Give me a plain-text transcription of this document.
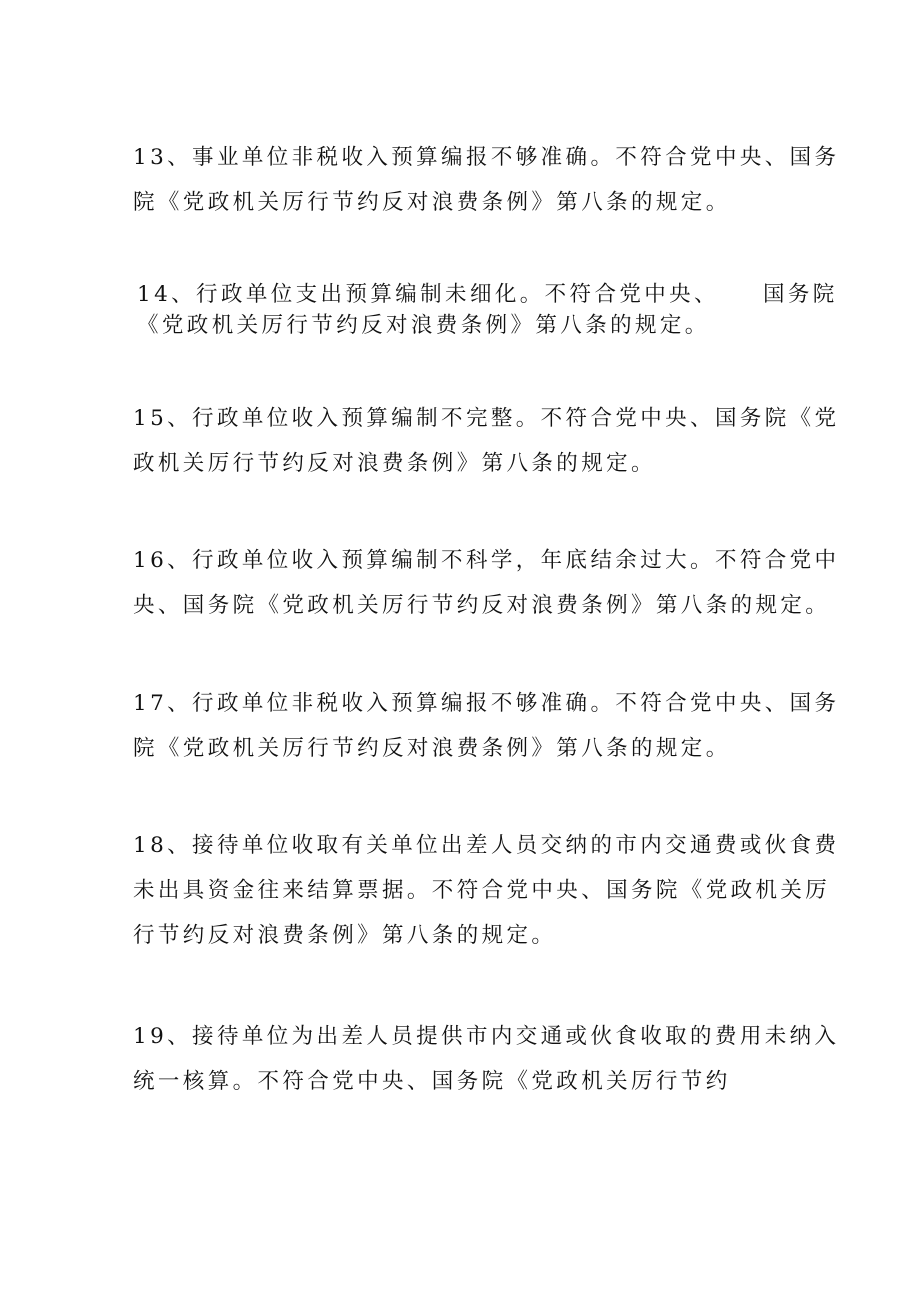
13、事业单位非税收入预算编报不够准确。不符合党中央、国务
院《党政机关厉行节约反对浪费条例》第八条的规定。
14、行政单位支出预算编制未细化。不符合党中央、 国务院
《党政机关厉行节约反对浪费条例》第八条的规定。
15、行政单位收入预算编制不完整。不符合党中央、国务院《党
政机关厉行节约反对浪费条例》第八条的规定。
16、行政单位收入预算编制不科学，年底结余过大。不符合党中
央、国务院《党政机关厉行节约反对浪费条例》第八条的规定。
17、行政单位非税收入预算编报不够准确。不符合党中央、国务
院《党政机关厉行节约反对浪费条例》第八条的规定。
18、接待单位收取有关单位出差人员交纳的市内交通费或伙食费
未出具资金往来结算票据。不符合党中央、国务院《党政机关厉
行节约反对浪费条例》第八条的规定。
19、接待单位为出差人员提供市内交通或伙食收取的费用未纳入
统一核算。不符合党中央、国务院《党政机关厉行节约
